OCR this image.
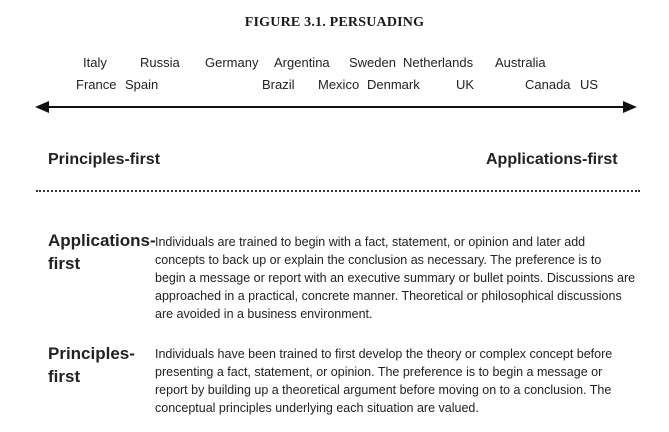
FIGURE 3.1. PERSUADING
Italy	Russia Germany Argentina Sweden Netherlands Australia
France Spain	Brazil Mexico Denmark	UK	Canada US
Principles-first	Applications-first
Applications-
first
Individuals are trained to begin with a fact, statement, or opinion and later add
concepts to back up or explain the conclusion as necessary. The preference is to
begin a message or report with an executive summary or bullet points. Discussions are
approached in a practical, concrete manner. Theoretical or philosophical discussions
are avoided in a business environment.
Principles-
first
Individuals have been trained to first develop the theory or complex concept before
presenting a fact, statement, or opinion. The preference is to begin a message or
report by building up a theoretical argument before moving on to a conclusion. The
conceptual principles underlying each situation are valued.
